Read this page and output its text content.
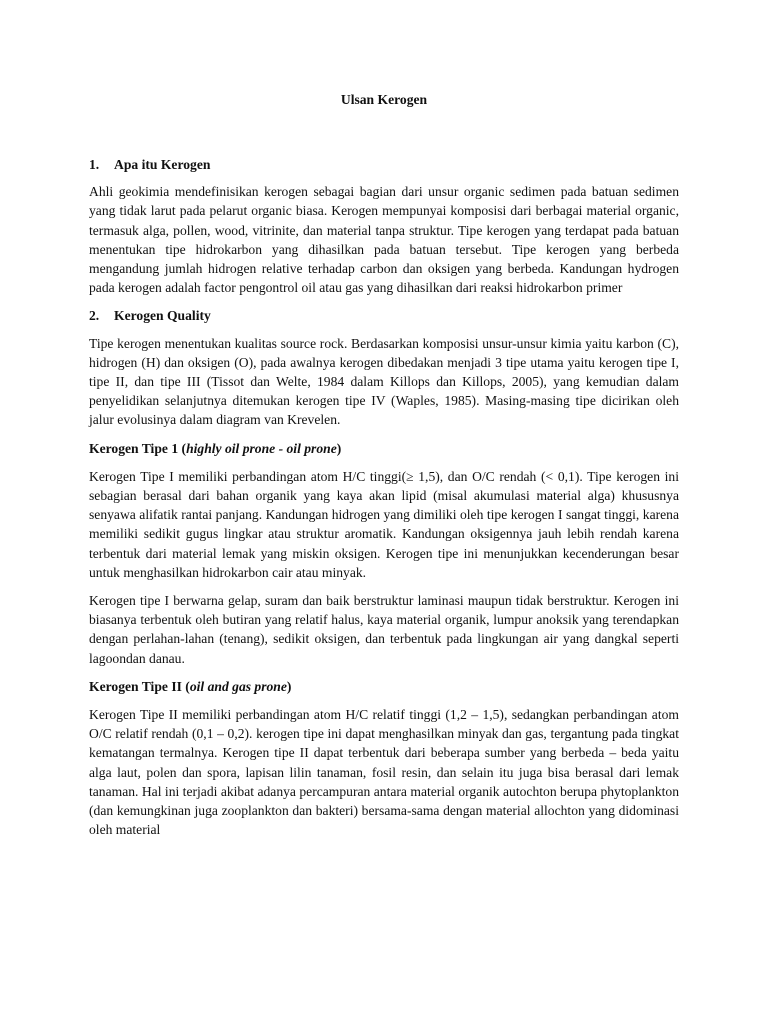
Ulsan Kerogen
1. Apa itu Kerogen
Ahli geokimia mendefinisikan kerogen sebagai bagian dari unsur organic sedimen pada batuan sedimen yang tidak larut pada pelarut organic biasa. Kerogen mempunyai komposisi dari berbagai material organic, termasuk alga, pollen, wood, vitrinite, dan material tanpa struktur. Tipe kerogen yang terdapat pada batuan menentukan tipe hidrokarbon yang dihasilkan pada batuan tersebut. Tipe kerogen yang berbeda mengandung jumlah hidrogen relative terhadap carbon dan oksigen yang berbeda. Kandungan hydrogen pada kerogen adalah factor pengontrol oil atau gas yang dihasilkan dari reaksi hidrokarbon primer
2. Kerogen Quality
Tipe kerogen menentukan kualitas source rock. Berdasarkan komposisi unsur-unsur kimia yaitu karbon (C), hidrogen (H) dan oksigen (O), pada awalnya kerogen dibedakan menjadi 3 tipe utama yaitu kerogen tipe I, tipe II, dan tipe III (Tissot dan Welte, 1984 dalam Killops dan Killops, 2005), yang kemudian dalam penyelidikan selanjutnya ditemukan kerogen tipe IV (Waples, 1985). Masing-masing tipe dicirikan oleh jalur evolusinya dalam diagram van Krevelen.
Kerogen Tipe 1 (highly oil prone - oil prone)
Kerogen Tipe I memiliki perbandingan atom H/C tinggi(≥ 1,5), dan O/C rendah (< 0,1). Tipe kerogen ini sebagian berasal dari bahan organik yang kaya akan lipid (misal akumulasi material alga) khususnya senyawa alifatik rantai panjang. Kandungan hidrogen yang dimiliki oleh tipe kerogen I sangat tinggi, karena memiliki sedikit gugus lingkar atau struktur aromatik. Kandungan oksigennya jauh lebih rendah karena terbentuk dari material lemak yang miskin oksigen. Kerogen tipe ini menunjukkan kecenderungan besar untuk menghasilkan hidrokarbon cair atau minyak.
Kerogen tipe I berwarna gelap, suram dan baik berstruktur laminasi maupun tidak berstruktur. Kerogen ini biasanya terbentuk oleh butiran yang relatif halus, kaya material organik, lumpur anoksik yang terendapkan dengan perlahan-lahan (tenang), sedikit oksigen, dan terbentuk pada lingkungan air yang dangkal seperti lagoondan danau.
Kerogen Tipe II (oil and gas prone)
Kerogen Tipe II memiliki perbandingan atom H/C relatif tinggi (1,2 – 1,5), sedangkan perbandingan atom O/C relatif rendah (0,1 – 0,2). kerogen tipe ini dapat menghasilkan minyak dan gas, tergantung pada tingkat kematangan termalnya. Kerogen tipe II dapat terbentuk dari beberapa sumber yang berbeda – beda yaitu alga laut, polen dan spora, lapisan lilin tanaman, fosil resin, dan selain itu juga bisa berasal dari lemak tanaman. Hal ini terjadi akibat adanya percampuran antara material organik autochton berupa phytoplankton (dan kemungkinan juga zooplankton dan bakteri) bersama-sama dengan material allochton yang didominasi oleh material
